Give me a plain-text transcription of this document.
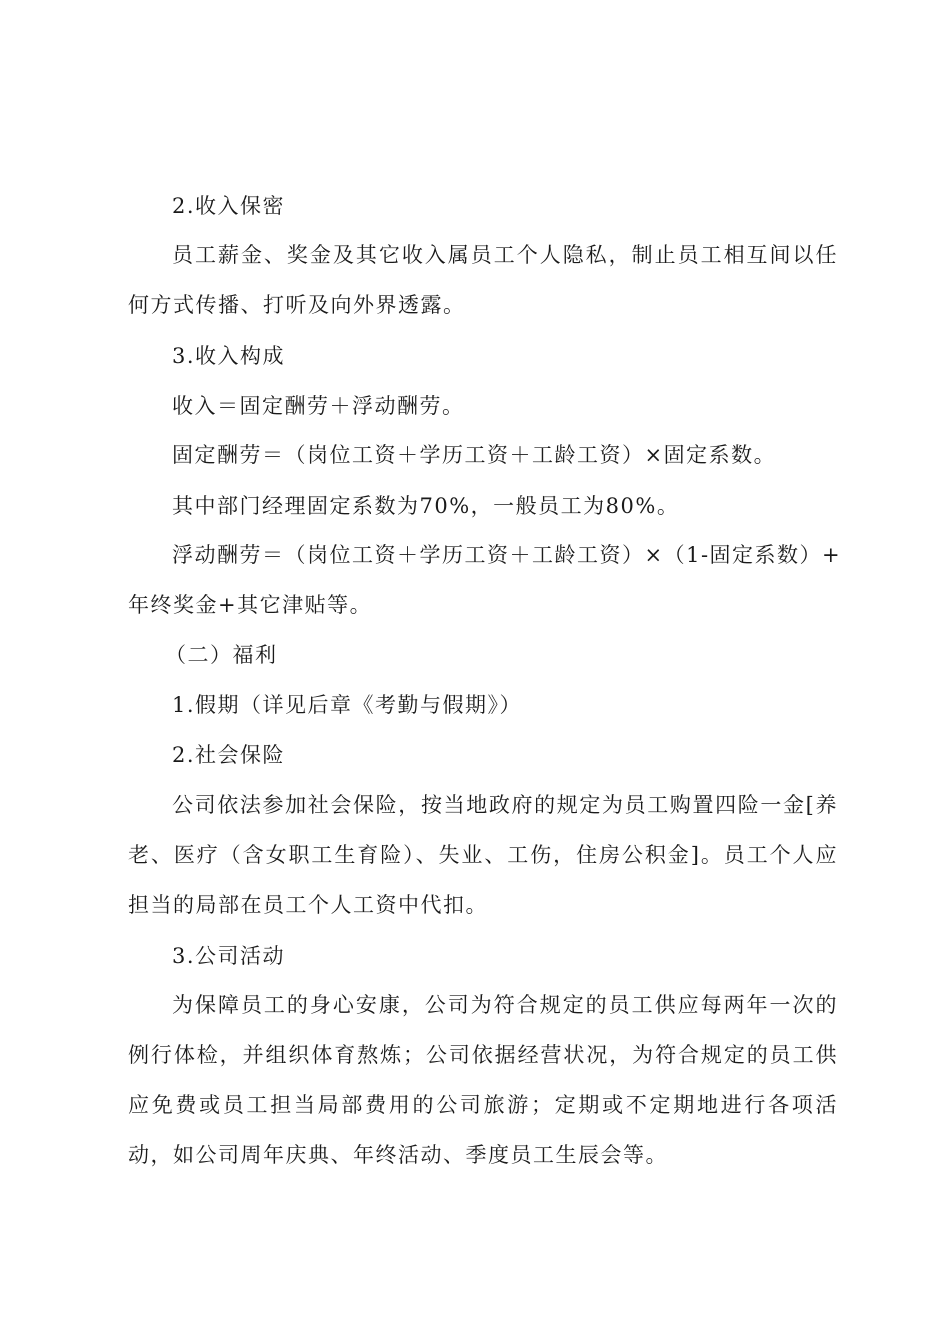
2.收入保密
员工薪金、奖金及其它收入属员工个人隐私，制止员工相互间以任
何方式传播、打听及向外界透露。
3.收入构成
收入＝固定酬劳＋浮动酬劳。
固定酬劳＝（岗位工资＋学历工资＋工龄工资）×固定系数。
其中部门经理固定系数为70%，一般员工为80%。
浮动酬劳＝（岗位工资＋学历工资＋工龄工资）×（1-固定系数）+
年终奖金+其它津贴等。
（二）福利
1.假期（详见后章《考勤与假期》）
2.社会保险
公司依法参加社会保险，按当地政府的规定为员工购置四险一金[养
老、医疗（含女职工生育险）、失业、工伤，住房公积金]。员工个人应
担当的局部在员工个人工资中代扣。
3.公司活动
为保障员工的身心安康，公司为符合规定的员工供应每两年一次的
例行体检，并组织体育熬炼；公司依据经营状况，为符合规定的员工供
应免费或员工担当局部费用的公司旅游；定期或不定期地进行各项活
动，如公司周年庆典、年终活动、季度员工生辰会等。
